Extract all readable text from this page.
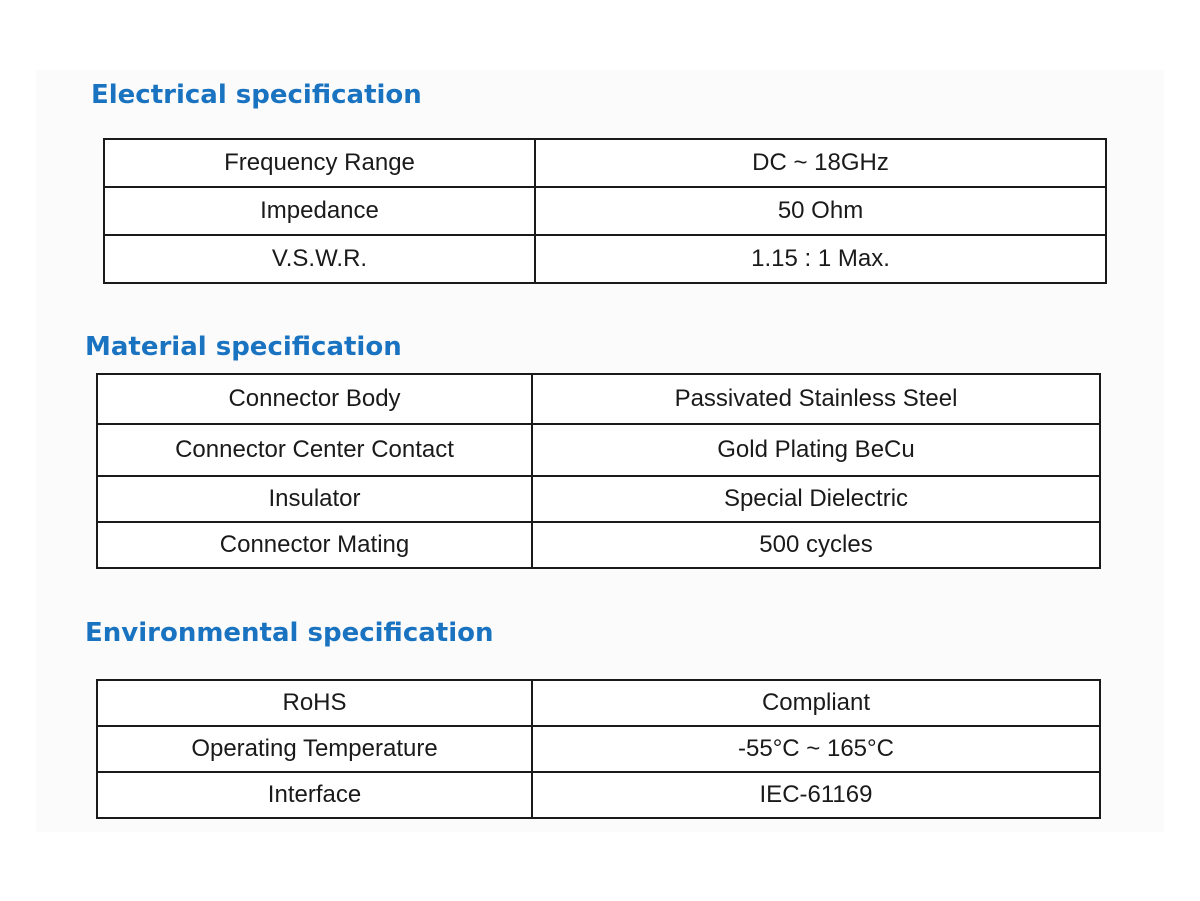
Electrical specification
Frequency Range	DC ~ 18GHz
Impedance	50 Ohm
V.S.W.R.	1.15 : 1 Max.
Material specification
Connector Body	Passivated Stainless Steel
Connector Center Contact	Gold Plating BeCu
Insulator	Special Dielectric
Connector Mating	500 cycles
Environmental specification
RoHS	Compliant
Operating Temperature	-55°C ~ 165°C
Interface	IEC-61169
